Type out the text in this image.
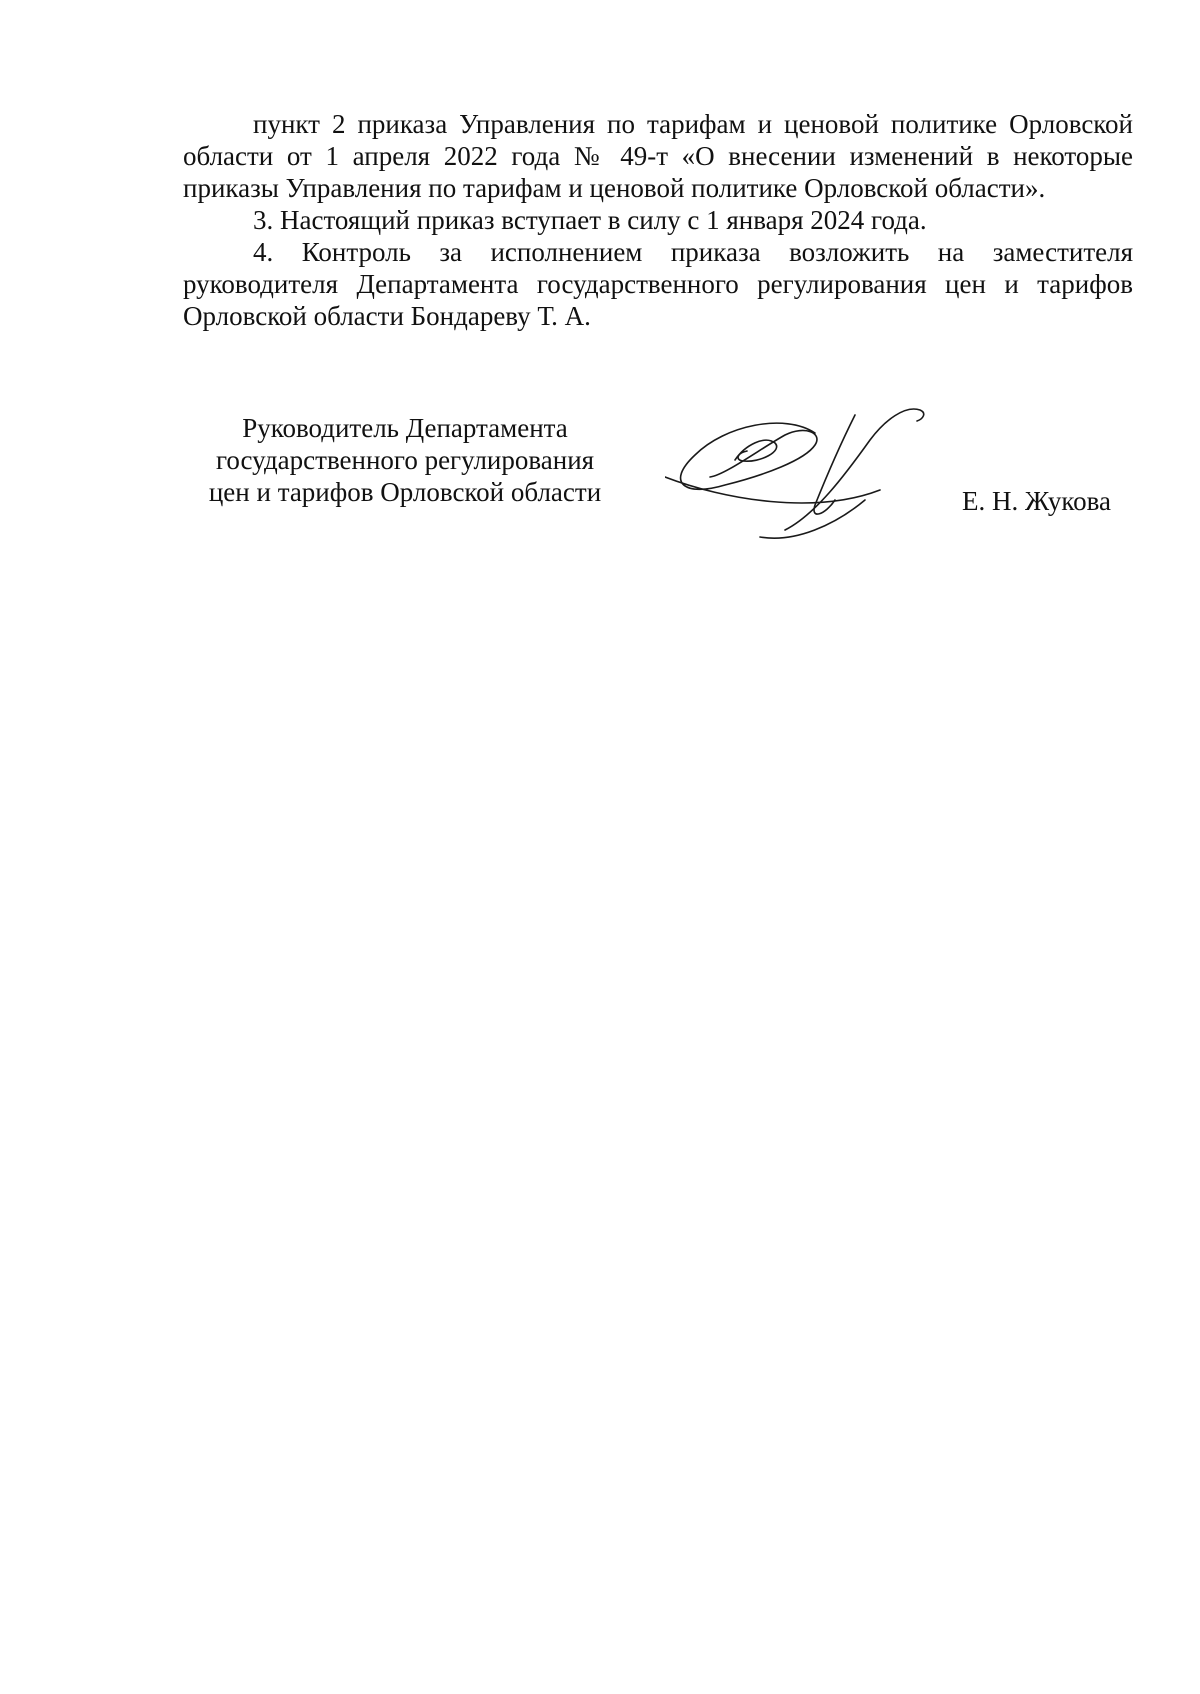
пункт 2 приказа Управления по тарифам и ценовой политике Орловской области от 1 апреля 2022 года № 49-т «О внесении изменений в некоторые приказы Управления по тарифам и ценовой политике Орловской области».

3. Настоящий приказ вступает в силу с 1 января 2024 года.

4. Контроль за исполнением приказа возложить на заместителя руководителя Департамента государственного регулирования цен и тарифов Орловской области Бондареву Т. А.

Руководитель Департамента
государственного регулирования
цен и тарифов Орловской области	Е. Н. Жукова
